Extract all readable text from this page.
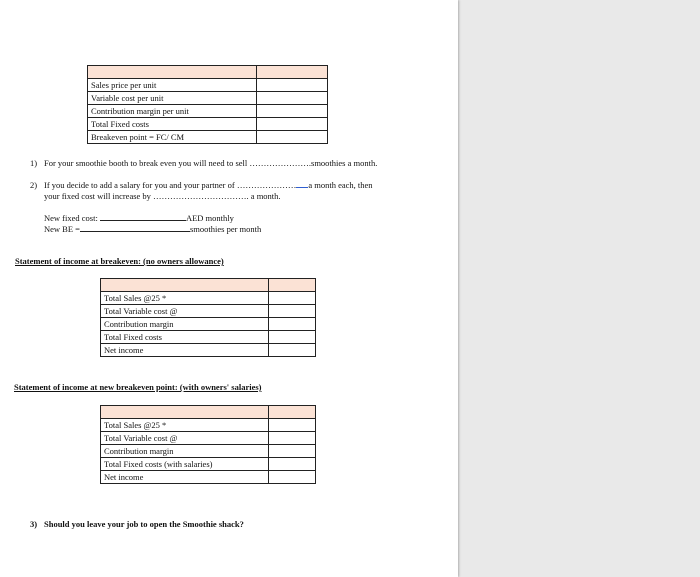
Sales price per unit	
Variable cost per unit	
Contribution margin per unit	
Total Fixed costs	
Breakeven point = FC/ CM	
1) For your smoothie booth to break even you will need to sell ………………….smoothies a month.
2) If you decide to add a salary for you and your partner of ………………… a month each, then
your fixed cost will increase by ……………………………. a month.
New fixed cost:	AED monthly
New BE =	smoothies per month
Statement of income at breakeven: (no owners allowance)

Total Sales @25 *	
Total Variable cost @	
Contribution margin	
Total Fixed costs	
Net income	
Statement of income at new breakeven point: (with owners' salaries)

Total Sales @25 *	
Total Variable cost @	
Contribution margin	
Total Fixed costs (with salaries)	
Net income	
3) Should you leave your job to open the Smoothie shack?
